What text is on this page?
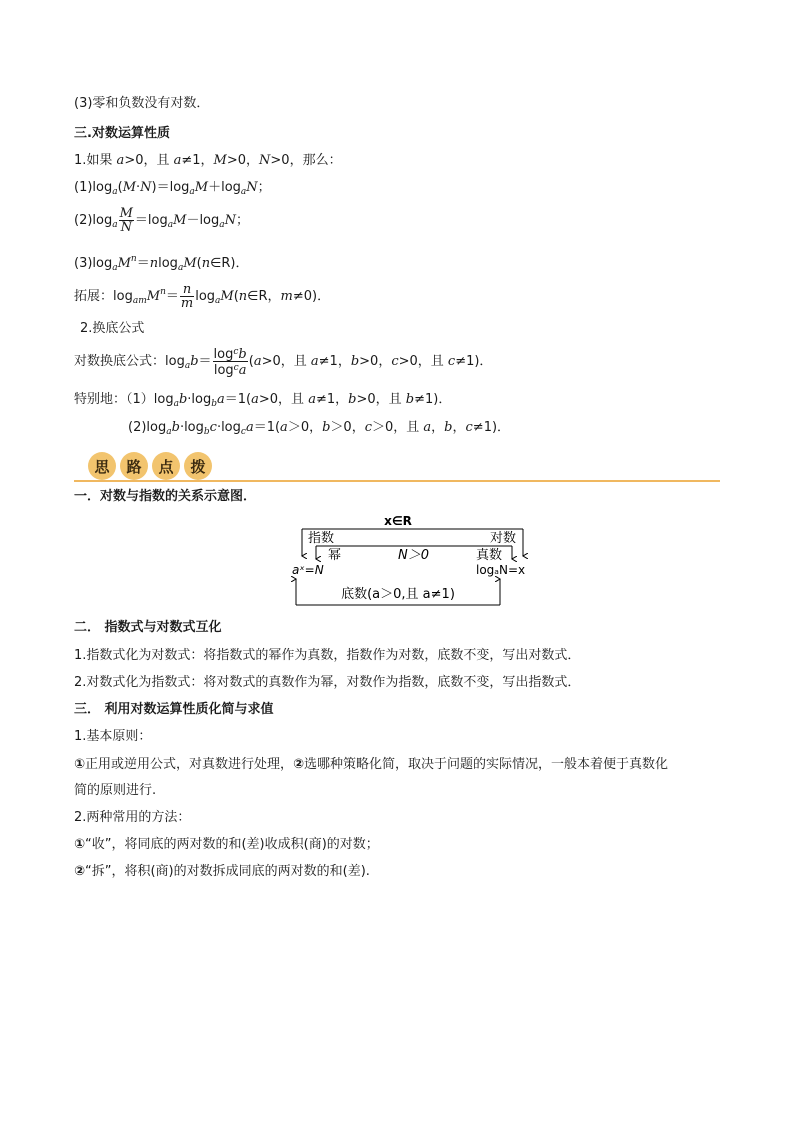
(3)零和负数没有对数．
三.对数运算性质
1.如果 a>0，且 a≠1，M>0，N>0，那么：
$(1)\log_a(M\cdot N)=\log_aM+\log_aN$；
$(2)\log_a \frac{M}{N} =\log_aM-\log_aN$；
$(3)\log_aM^n=nlog_aM(n\in R)$．
拓展：$\log_{am}M^n= \frac{n}{m}$ $\log_aM(n\in R$，m≠0)．
2.换底公式
对数换底公式：$\log_ab= \frac{\log^cb}{\log^ca} (a>0$，且 a≠1，b>0，c>0，且 c≠1)．
特别地：$(1)\log_ab\cdot\log_ba=1(a>0$，且 a≠1，b>0，且 b≠1)．
$(2)\log_ab\cdot\log_bc\cdot\log_ca=1(a>0$，b＞0，c＞0，且 a，b，c≠1)．
思	路	点	拨
一．对数与指数的关系示意图．
x∈R
指数	对数
幂	N＞0	真数
aˣ=N	logₐN=x
底数(a＞0,且 a≠1)
二． 指数式与对数式互化
1.指数式化为对数式：将指数式的幂作为真数，指数作为对数，底数不变，写出对数式．
2.对数式化为指数式：将对数式的真数作为幂，对数作为指数，底数不变，写出指数式．
三． 利用对数运算性质化简与求值
1.基本原则：
①正用或逆用公式，对真数进行处理，②选哪种策略化简，取决于问题的实际情况，一般本着便于真数化
简的原则进行.
2.两种常用的方法：
①“收”，将同底的两对数的和(差)收成积(商)的对数；
②“拆”，将积(商)的对数拆成同底的两对数的和(差).
